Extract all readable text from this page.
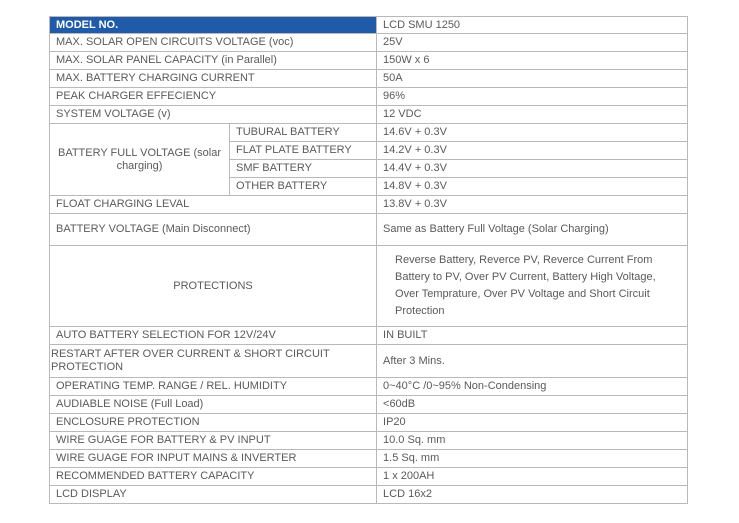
MODEL NO.		LCD SMU 1250
MAX. SOLAR OPEN CIRCUITS VOLTAGE (voc)		25V
MAX. SOLAR PANEL CAPACITY (in Parallel)		150W x 6
MAX. BATTERY CHARGING CURRENT		50A
PEAK CHARGER EFFECIENCY		96%
SYSTEM VOLTAGE (v)		12 VDC
BATTERY FULL VOLTAGE (solar charging)	TUBURAL BATTERY	14.6V + 0.3V
	FLAT PLATE BATTERY	14.2V + 0.3V
	SMF BATTERY	14.4V + 0.3V
	OTHER BATTERY	14.8V + 0.3V
FLOAT CHARGING LEVAL		13.8V + 0.3V
BATTERY VOLTAGE (Main Disconnect)		Same as Battery Full Voltage (Solar Charging)
PROTECTIONS		Reverse Battery, Reverce PV, Reverce Current From Battery to PV, Over PV Current, Battery High Voltage, Over Temprature, Over PV Voltage and Short Circuit Protection
AUTO BATTERY SELECTION FOR 12V/24V		IN BUILT
RESTART AFTER OVER CURRENT & SHORT CIRCUIT PROTECTION		After 3 Mins.
OPERATING TEMP. RANGE / REL. HUMIDITY		0~40°C /0~95% Non-Condensing
AUDIABLE NOISE (Full Load)		<60dB
ENCLOSURE PROTECTION		IP20
WIRE GUAGE FOR BATTERY & PV INPUT		10.0 Sq. mm
WIRE GUAGE FOR INPUT MAINS & INVERTER		1.5 Sq. mm
RECOMMENDED BATTERY CAPACITY		1 x 200AH
LCD DISPLAY		LCD 16x2
